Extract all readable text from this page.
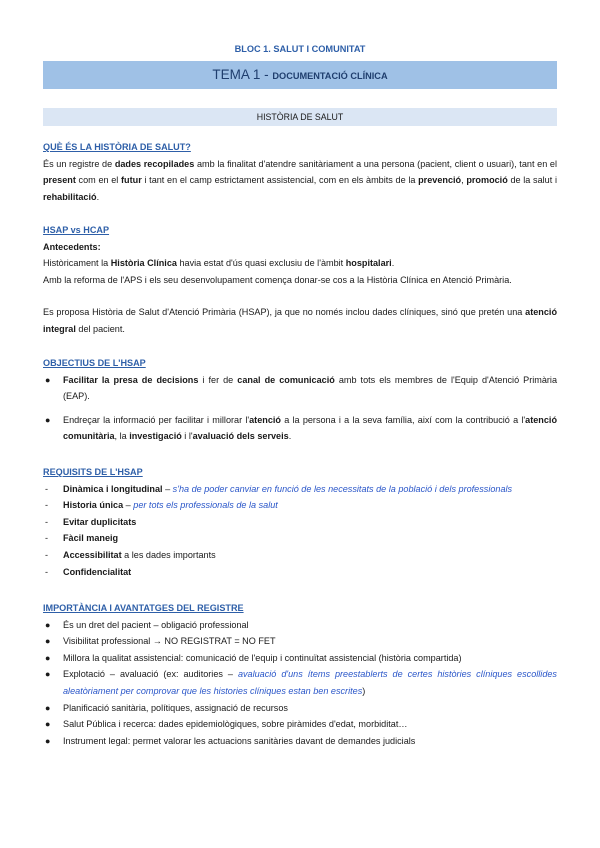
BLOC 1. SALUT I COMUNITAT
TEMA 1 - DOCUMENTACIÓ CLÍNICA
HISTÒRIA DE SALUT
QUÈ ÉS LA HISTÒRIA DE SALUT?

És un registre de dades recopilades amb la finalitat d'atendre sanitàriament a una persona (pacient, client o usuari), tant en el present com en el futur i tant en el camp estrictament assistencial, com en els àmbits de la prevenció, promoció de la salut i rehabilitació.

HSAP vs HCAP

Antecedents:

Històricament la Història Clínica havia estat d'ús quasi exclusiu de l'àmbit hospitalari.

Amb la reforma de l'APS i els seu desenvolupament comença donar-se cos a la Història Clínica en Atenció Primària.

Es proposa Història de Salut d'Atenció Primària (HSAP), ja que no només inclou dades clíniques, sinó que pretén una atenció integral del pacient.

OBJECTIUS DE L'HSAP
● Facilitar la presa de decisions i fer de canal de comunicació amb tots els membres de l'Equip d'Atenció Primària (EAP).
● Endreçar la informació per facilitar i millorar l'atenció a la persona i a la seva família, així com la contribució a l'atenció comunitària, la investigació i l'avaluació dels serveis.
REQUISITS DE L'HSAP
- Dinàmica i longitudinal – s'ha de poder canviar en funció de les necessitats de la població i dels professionals
- Historia única – per tots els professionals de la salut
- Evitar duplicitats
- Fàcil maneig
- Accessibilitat a les dades importants
- Confidencialitat
IMPORTÀNCIA I AVANTATGES DEL REGISTRE
● És un dret del pacient – obligació professional
● Visibilitat professional → NO REGISTRAT = NO FET
● Millora la qualitat assistencial: comunicació de l'equip i continuïtat assistencial (història compartida)
● Explotació – avaluació (ex: auditories – avaluació d'uns ítems preestablerts de certes històries clíniques escollides aleatòriament per comprovar que les histories clíniques estan ben escrites)
● Planificació sanitària, polítiques, assignació de recursos
● Salut Pública i recerca: dades epidemiològiques, sobre piràmides d'edat, morbiditat…
● Instrument legal: permet valorar les actuacions sanitàries davant de demandes judicials
